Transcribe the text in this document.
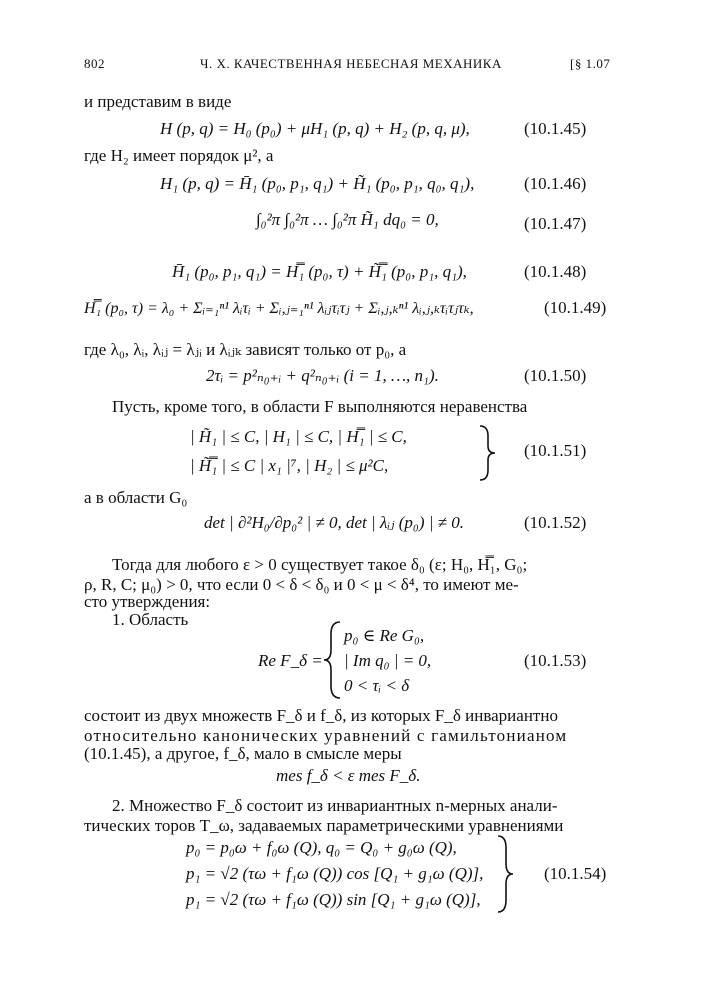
802	Ч. X. КАЧЕСТВЕННАЯ НЕБЕСНАЯ МЕХАНИКА	[§ 1.07
и представим в виде
H (p, q) = H₀ (p₀) + μH₁ (p, q) + H₂ (p, q, μ),	(10.1.45)
где H₂ имеет порядок μ², а
H₁ (p, q) = H̄₁ (p₀, p₁, q₁) + H̃₁ (p₀, p₁, q₀, q₁),	(10.1.46)
∫₀²π ∫₀²π … ∫₀²π H̃₁ dq₀ = 0,	(10.1.47)
H̄₁ (p₀, p₁, q₁) = H̿₁ (p₀, τ) + H̿̃₁ (p₀, p₁, q₁),	(10.1.48)
H̿₁ (p₀, τ) = λ₀ + Σᵢ₌₁ⁿ¹ λᵢτᵢ + Σᵢ,ⱼ₌₁ⁿ¹ λᵢⱼτᵢτⱼ + Σᵢ,ⱼ,ₖⁿ¹ λᵢ,ⱼ,ₖτᵢτⱼτₖ,	(10.1.49)
где λ₀, λᵢ, λᵢⱼ = λⱼᵢ и λᵢⱼₖ зависят только от p₀, а
2τᵢ = p²ₙ₀₊ᵢ + q²ₙ₀₊ᵢ (i = 1, …, n₁).	(10.1.50)
Пусть, кроме того, в области F выполняются неравенства
| H̃₁ | ≤ C, | H₁ | ≤ C, | H̿₁ | ≤ C,
| H̿̃₁ | ≤ C | x₁ |⁷, | H₂ | ≤ μ²C,
(10.1.51)
а в области G₀
det | ∂²H₀/∂p₀² | ≠ 0, det | λᵢⱼ (p₀) | ≠ 0.	(10.1.52)
Тогда для любого ε > 0 существует такое δ₀ (ε; H₀, H̿₁, G₀;
ρ, R, C; μ₀) > 0, что если 0 < δ < δ₀ и 0 < μ < δ⁴, то имеют ме-
сто утверждения:
1. Область
Re F_δ =
p₀ ∈ Re G₀,
| Im q₀ | = 0,
0 < τᵢ < δ
(10.1.53)
состоит из двух множеств F_δ и f_δ, из которых F_δ инвариантно
относительно канонических уравнений с гамильтонианом
(10.1.45), а другое, f_δ, мало в смысле меры
mes f_δ < ε mes F_δ.
2. Множество F_δ состоит из инвариантных n-мерных анали-
тических торов T_ω, задаваемых параметрическими уравнениями
p₀ = p₀ω + f₀ω (Q), q₀ = Q₀ + g₀ω (Q),
p₁ = √2 (τω + f₁ω (Q)) cos [Q₁ + g₁ω (Q)],
p₁ = √2 (τω + f₁ω (Q)) sin [Q₁ + g₁ω (Q)],
(10.1.54)
